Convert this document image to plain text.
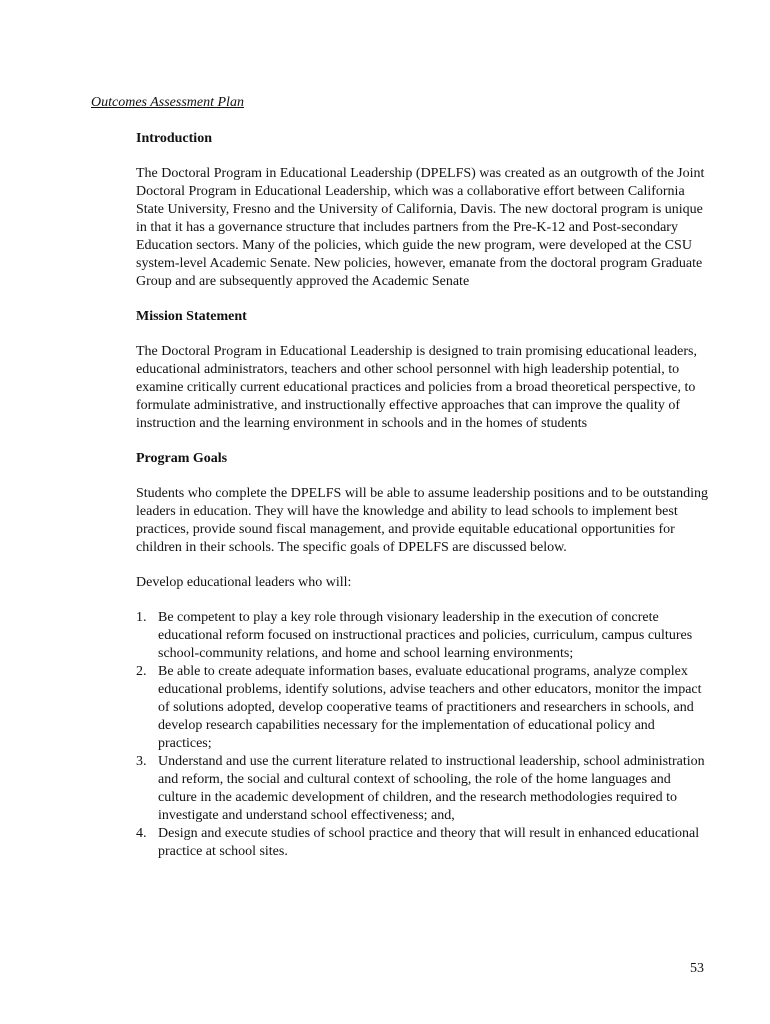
Outcomes Assessment Plan

Introduction

The Doctoral Program in Educational Leadership (DPELFS) was created as an outgrowth of the Joint Doctoral Program in Educational Leadership, which was a collaborative effort between California State University, Fresno and the University of California, Davis. The new doctoral program is unique in that it has a governance structure that includes partners from the Pre-K-12 and Post-secondary Education sectors. Many of the policies, which guide the new program, were developed at the CSU system-level Academic Senate. New policies, however, emanate from the doctoral program Graduate Group and are subsequently approved the Academic Senate

Mission Statement

The Doctoral Program in Educational Leadership is designed to train promising educational leaders, educational administrators, teachers and other school personnel with high leadership potential, to examine critically current educational practices and policies from a broad theoretical perspective, to formulate administrative, and instructionally effective approaches that can improve the quality of instruction and the learning environment in schools and in the homes of students

Program Goals

Students who complete the DPELFS will be able to assume leadership positions and to be outstanding leaders in education. They will have the knowledge and ability to lead schools to implement best practices, provide sound fiscal management, and provide equitable educational opportunities for children in their schools. The specific goals of DPELFS are discussed below.

Develop educational leaders who will:

1. Be competent to play a key role through visionary leadership in the execution of concrete educational reform focused on instructional practices and policies, curriculum, campus cultures school-community relations, and home and school learning environments;
2. Be able to create adequate information bases, evaluate educational programs, analyze complex educational problems, identify solutions, advise teachers and other educators, monitor the impact of solutions adopted, develop cooperative teams of practitioners and researchers in schools, and develop research capabilities necessary for the implementation of educational policy and practices;
3. Understand and use the current literature related to instructional leadership, school administration and reform, the social and cultural context of schooling, the role of the home languages and culture in the academic development of children, and the research methodologies required to investigate and understand school effectiveness; and,
4. Design and execute studies of school practice and theory that will result in enhanced educational practice at school sites.

53
